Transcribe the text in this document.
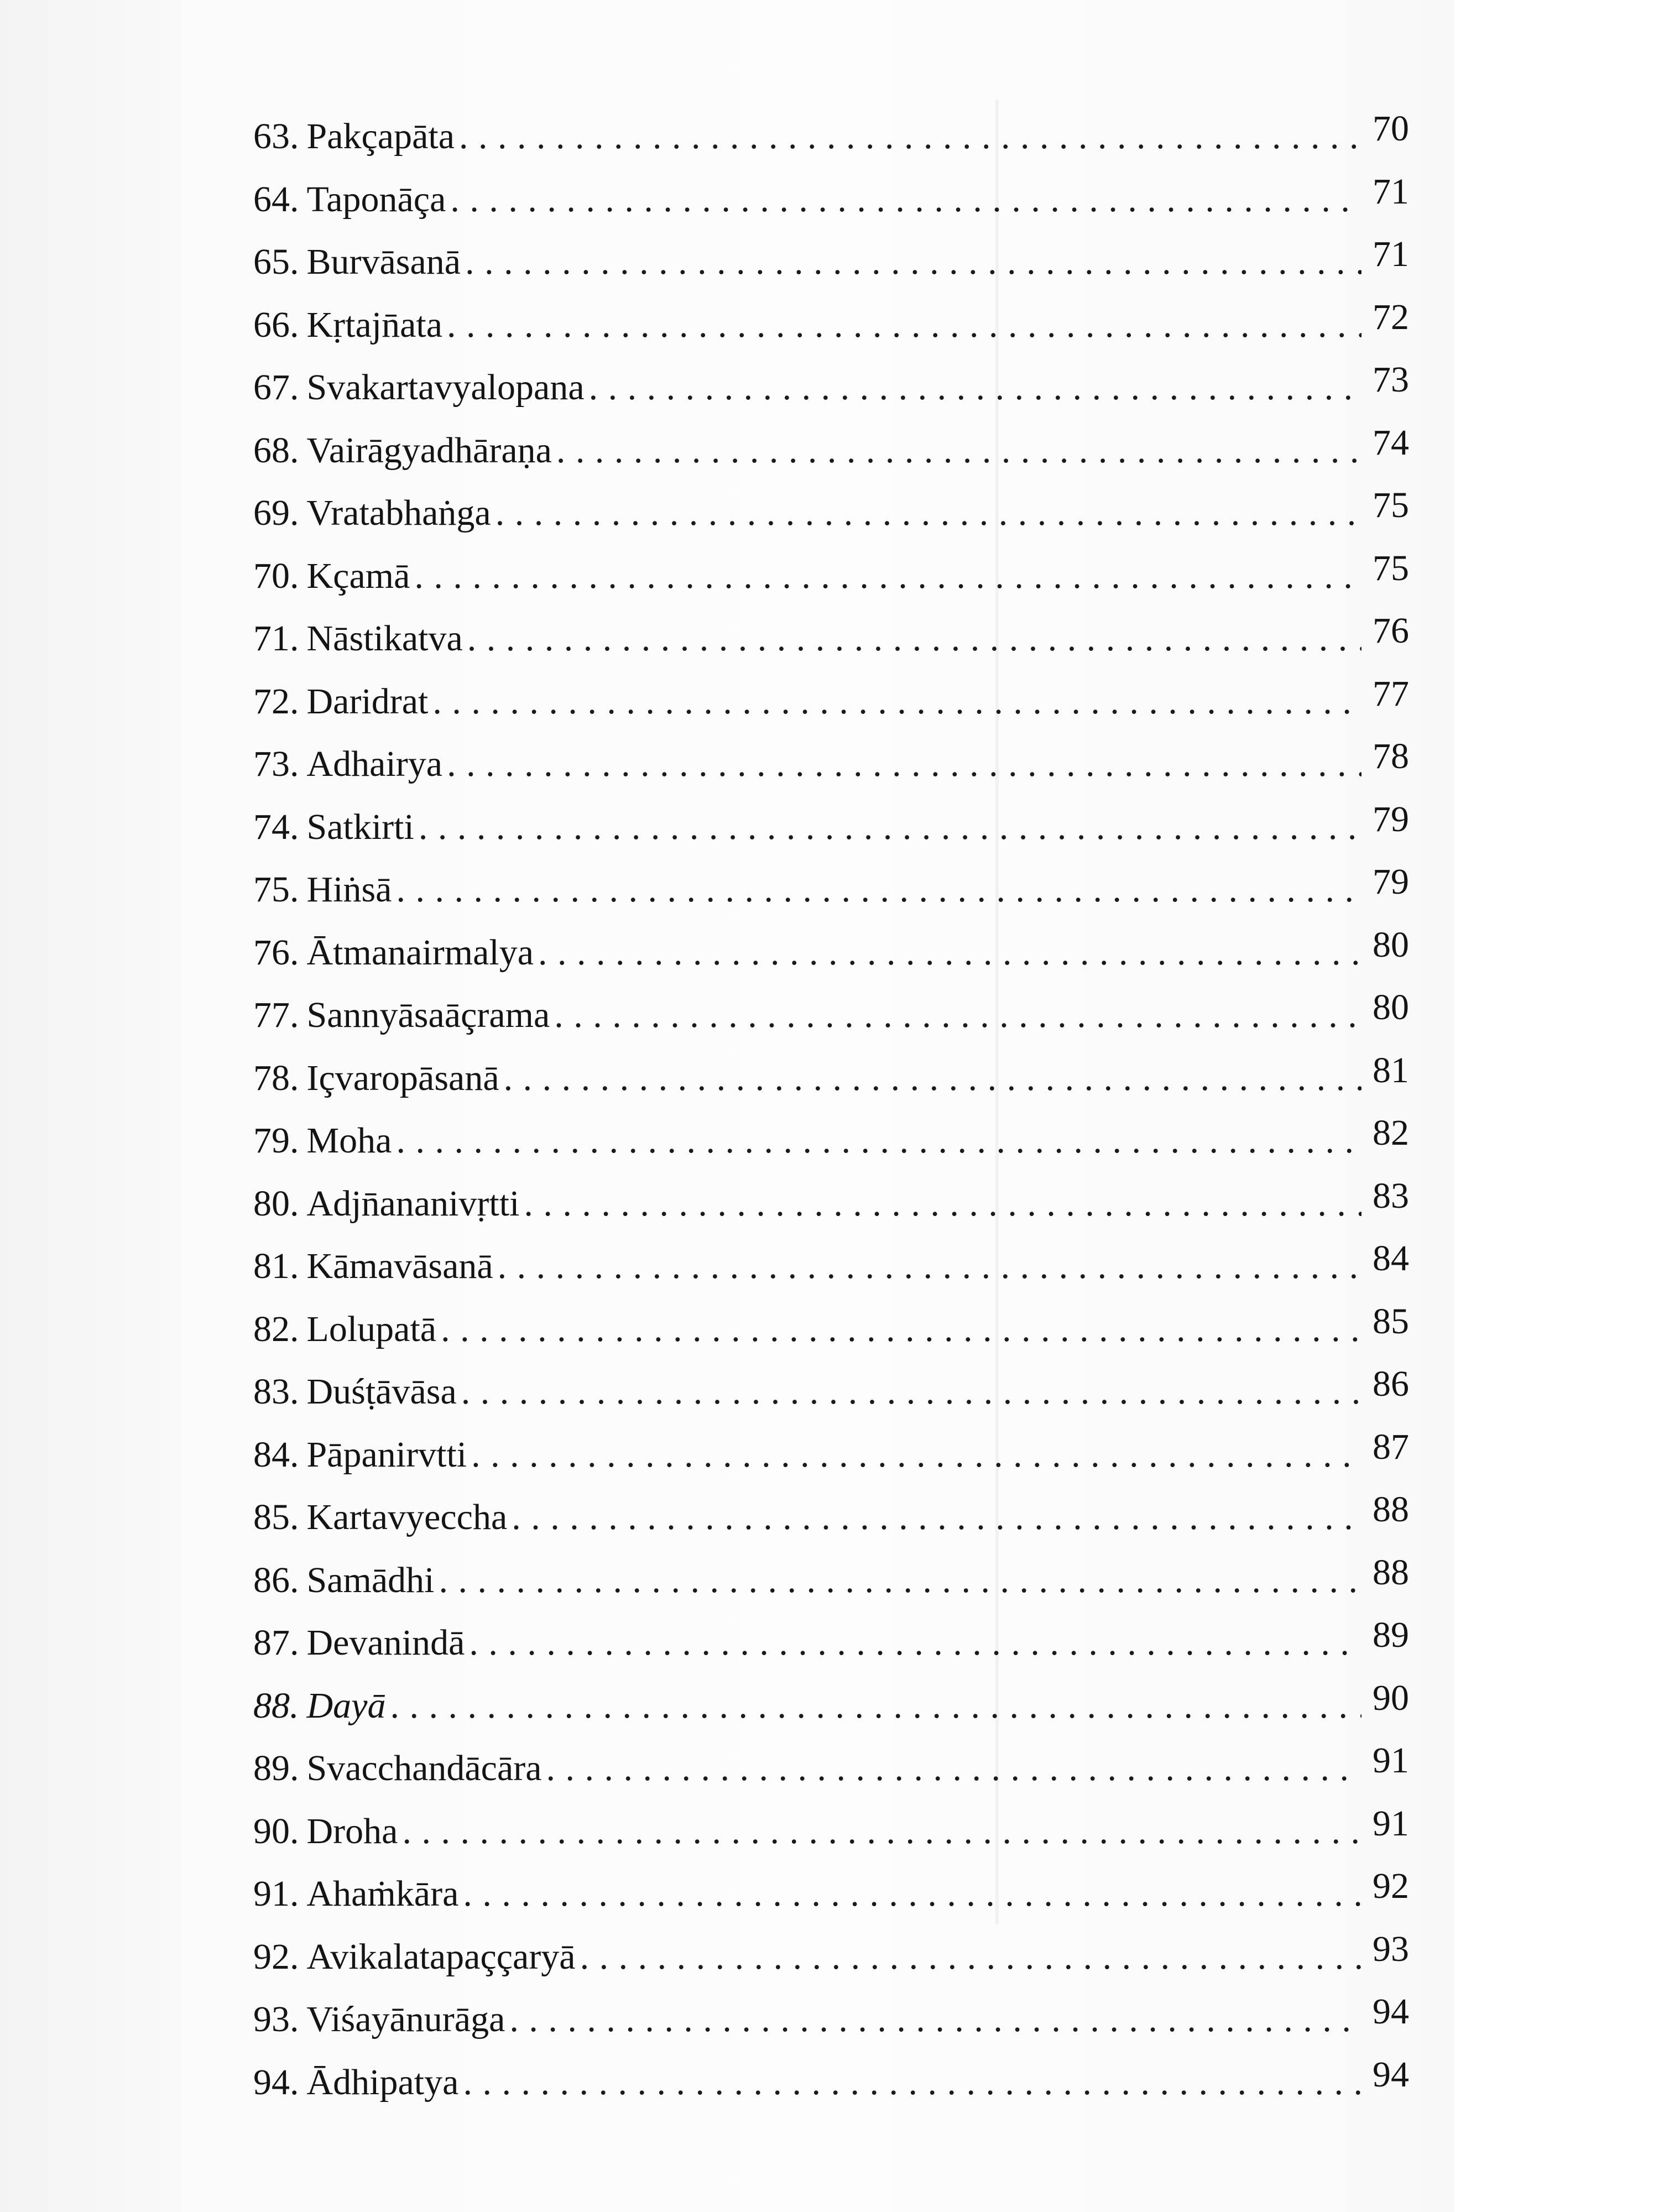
63. Pakçapāta . . .	70
64. Taponāça . . .	71
65. Burvāsanā . . .	71
66. Kṛtajn̄ata . . .	72
67. Svakartavyalopana . . .	73
68. Vairāgyadhāraṇa . . .	74
69. Vratabhaṅga . . .	75
70. Kçamā . . .	75
71. Nāstikatva . . .	76
72. Daridrat . . .	77
73. Adhairya . . .	78
74. Satkirti . . .	79
75. Hiṅsā . . .	79
76. Ātmanairmalya . . .	80
77. Sannyāsaāçrama . . .	80
78. Içvaropāsanā . . .	81
79. Moha . . .	82
80. Adjn̄ananivṛtti . . .	83
81. Kāmavāsanā . . .	84
82. Lolupatā . . .	85
83. Duśṭāvāsa . . .	86
84. Pāpanirvtti . . .	87
85. Kartavyeccha . . .	88
86. Samādhi . . .	88
87. Devanindā . . .	89
88. Dayā . . .	90
89. Svacchandācāra . . .	91
90. Droha . . .	91
91. Ahaṁkāra . . .	92
92. Avikalatapaççaryā . . .	93
93. Viśayānurāga . . .	94
94. Ādhipatya . . .	94
